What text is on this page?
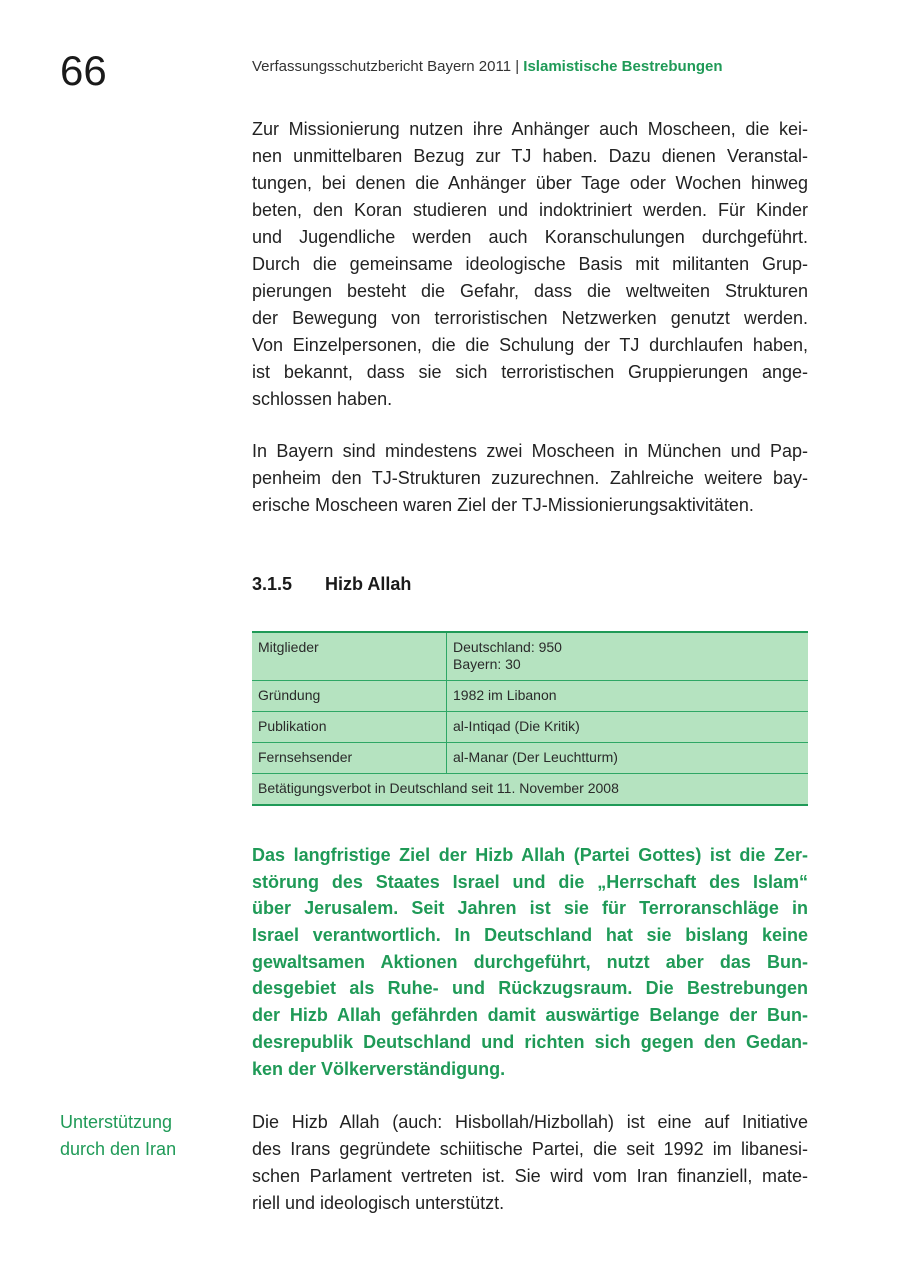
66	Verfassungsschutzbericht Bayern 2011 | Islamistische Bestrebungen
Zur Missionierung nutzen ihre Anhänger auch Moscheen, die kei-
nen unmittelbaren Bezug zur TJ haben. Dazu dienen Veranstal-
tungen, bei denen die Anhänger über Tage oder Wochen hinweg
beten, den Koran studieren und indoktriniert werden. Für Kinder
und Jugendliche werden auch Koranschulungen durchgeführt.
Durch die gemeinsame ideologische Basis mit militanten Grup-
pierungen besteht die Gefahr, dass die weltweiten Strukturen
der Bewegung von terroristischen Netzwerken genutzt werden.
Von Einzelpersonen, die die Schulung der TJ durchlaufen haben,
ist bekannt, dass sie sich terroristischen Gruppierungen ange-
schlossen haben.
In Bayern sind mindestens zwei Moscheen in München und Pap-
penheim den TJ-Strukturen zuzurechnen. Zahlreiche weitere bay-
erische Moscheen waren Ziel der TJ-Missionierungsaktivitäten.
3.1.5 Hizb Allah
Mitglieder	Deutschland: 950
Bayern: 30

Gründung	1982 im Libanon
Publikation	al-Intiqad (Die Kritik)
Fernsehsender	al-Manar (Der Leuchtturm)
Betätigungsverbot in Deutschland seit 11. November 2008	
Das langfristige Ziel der Hizb Allah (Partei Gottes) ist die Zer-
störung des Staates Israel und die „Herrschaft des Islam“
über Jerusalem. Seit Jahren ist sie für Terroranschläge in
Israel verantwortlich. In Deutschland hat sie bislang keine
gewaltsamen Aktionen durchgeführt, nutzt aber das Bun-
desgebiet als Ruhe- und Rückzugsraum. Die Bestrebungen
der Hizb Allah gefährden damit auswärtige Belange der Bun-
desrepublik Deutschland und richten sich gegen den Gedan-
ken der Völkerverständigung.
Unterstützung
durch den Iran
Die Hizb Allah (auch: Hisbollah/Hizbollah) ist eine auf Initiative
des Irans gegründete schiitische Partei, die seit 1992 im libanesi-
schen Parlament vertreten ist. Sie wird vom Iran finanziell, mate-
riell und ideologisch unterstützt.
